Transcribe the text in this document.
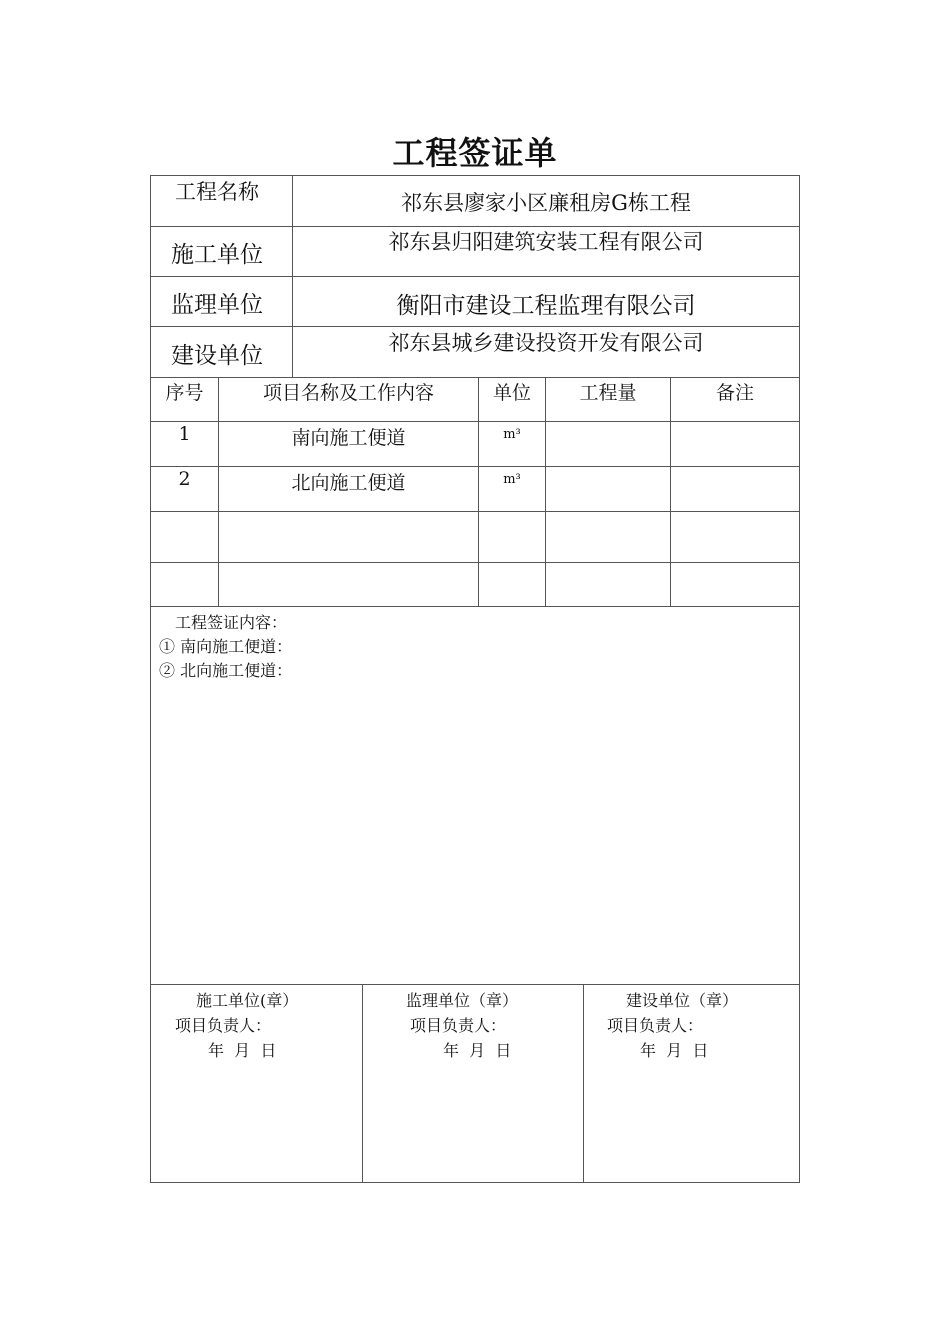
工程签证单
工程名称	祁东县廖家小区廉租房G栋工程
施工单位	祁东县归阳建筑安装工程有限公司
监理单位	衡阳市建设工程监理有限公司
建设单位	祁东县城乡建设投资开发有限公司
序号	项目名称及工作内容	单位	工程量	备注
1	南向施工便道	m³
2	北向施工便道	m³
工程签证内容：
① 南向施工便道：
② 北向施工便道：
施工单位(章）
项目负责人：
年  月  日
监理单位（章）
项目负责人：
年  月  日
建设单位（章）
项目负责人：
年  月  日
